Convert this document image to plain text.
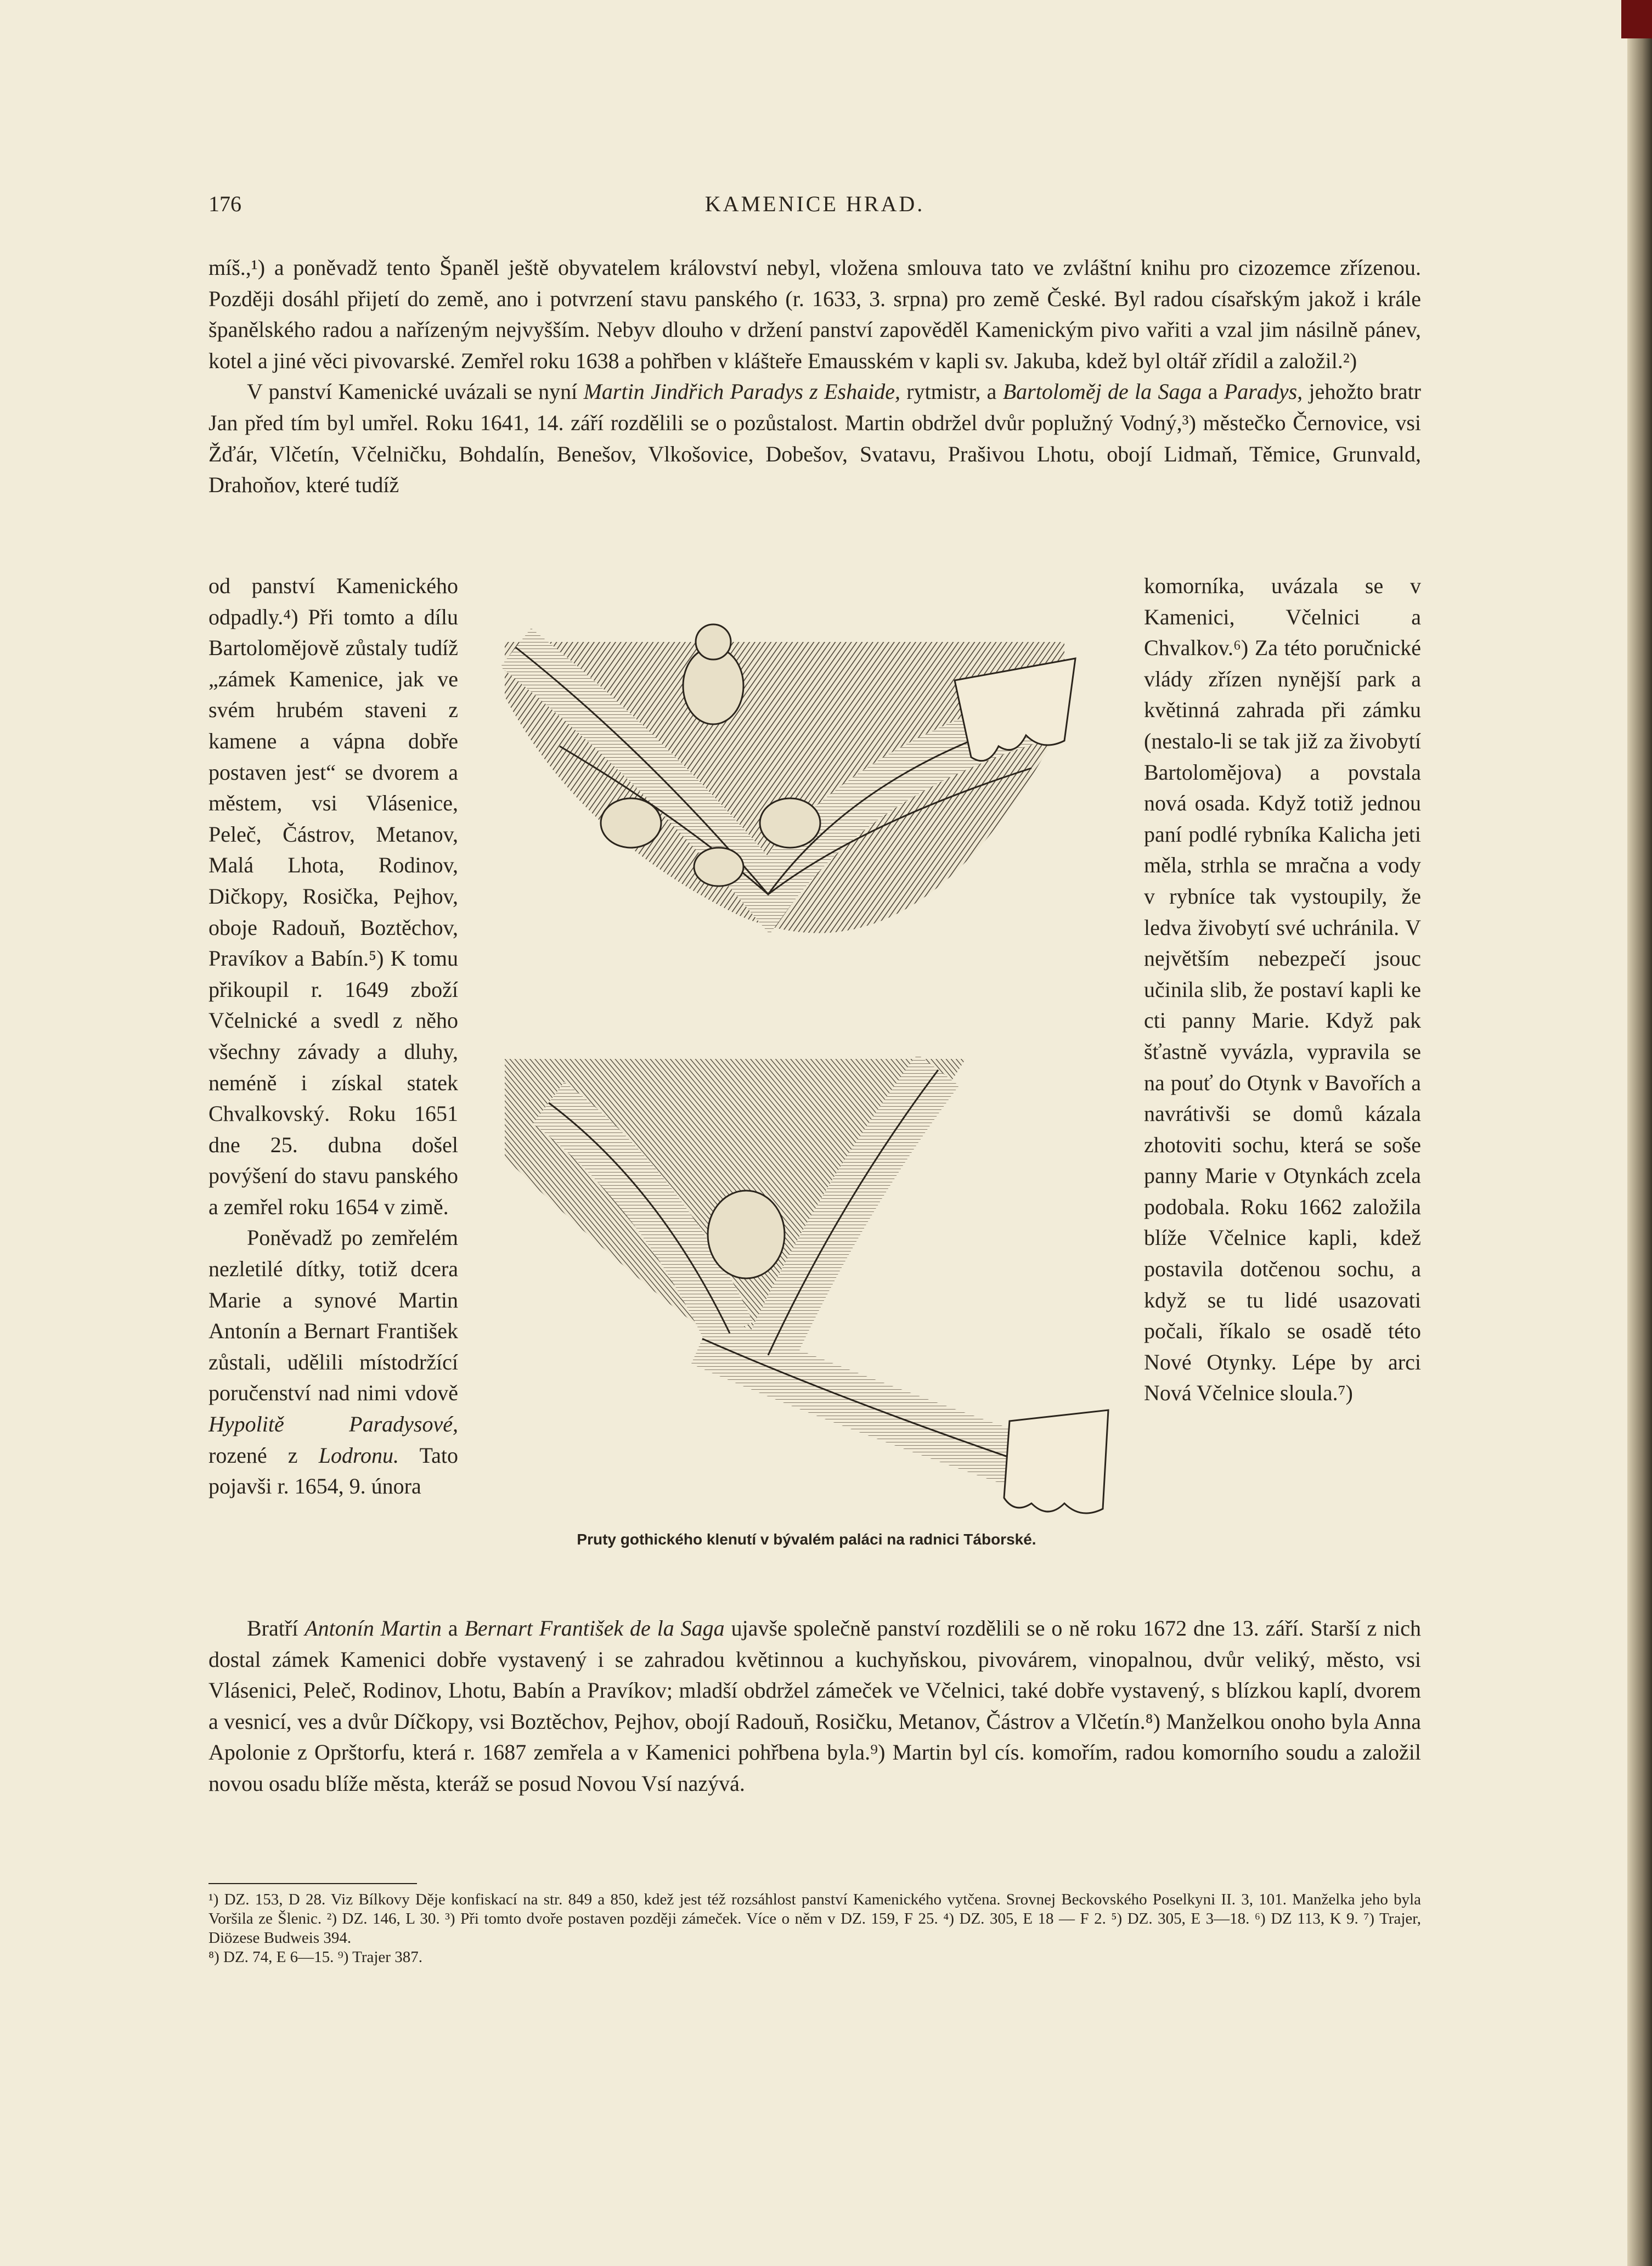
176	KAMENICE HRAD.

míš.,¹) a poněvadž tento Španěl ještě obyvatelem království nebyl, vložena smlouva tato ve zvláštní knihu pro cizozemce zřízenou. Později dosáhl přijetí do země, ano i potvrzení stavu panského (r. 1633, 3. srpna) pro země České. Byl radou císařským jakož i krále španělského radou a nařízeným nejvyšším. Nebyv dlouho v držení panství zapověděl Kamenickým pivo vařiti a vzal jim násilně pánev, kotel a jiné věci pivovarské. Zemřel roku 1638 a pohřben v klášteře Emausském v kapli sv. Jakuba, kdež byl oltář zřídil a založil.²)

V panství Kamenické uvázali se nyní Martin Jindřich Paradys z Eshaide, rytmistr, a Bartoloměj de la Saga a Paradys, jehožto bratr Jan před tím byl umřel. Roku 1641, 14. září rozdělili se o pozůstalost. Martin obdržel dvůr poplužný Vodný,³) městečko Černovice, vsi Žďár, Vlčetín, Včelničku, Bohdalín, Benešov, Vlkošovice, Dobešov, Svatavu, Prašivou Lhotu, obojí Lidmaň, Těmice, Grunvald, Drahoňov, které tudíž

od panství Kamenického odpadly.⁴) Při tomto a dílu Bartolomějově zůstaly tudíž „zámek Kamenice, jak ve svém hrubém staveni z kamene a vápna dobře postaven jest“ se dvorem a městem, vsi Vlásenice, Peleč, Částrov, Metanov, Malá Lhota, Rodinov, Dičkopy, Rosička, Pejhov, oboje Radouň, Boztěchov, Pravíkov a Babín.⁵) K tomu přikoupil r. 1649 zboží Včelnické a svedl z něho všechny závady a dluhy, neméně i získal statek Chvalkovský. Roku 1651 dne 25. dubna došel povýšení do stavu panského a zemřel roku 1654 v zimě.

Poněvadž po zemřelém nezletilé dítky, totiž dcera Marie a synové Martin Antonín a Bernart František zůstali, udělili místodržící poručenství nad nimi vdově Hypolitě Paradysové, rozené z Lodronu. Tato pojavši r. 1654, 9. února

Pruty gothického klenutí v bývalém paláci na radnici Táborské.

komorníka, uvázala se v Kamenici, Včelnici a Chvalkov.⁶) Za této poručnické vlády zřízen nynější park a květinná zahrada při zámku (nestalo-li se tak již za živobytí Bartolomějova) a povstala nová osada. Když totiž jednou paní podlé rybníka Kalicha jeti měla, strhla se mračna a vody v rybníce tak vystoupily, že ledva živobytí své uchránila. V největším nebezpečí jsouc učinila slib, že postaví kapli ke cti panny Marie. Když pak šťastně vyvázla, vypravila se na pouť do Otynk v Bavořích a navrátivši se domů kázala zhotoviti sochu, která se soše panny Marie v Otynkách zcela podobala. Roku 1662 založila blíže Včelnice kapli, kdež postavila dotčenou sochu, a když se tu lidé usazovati počali, říkalo se osadě této Nové Otynky. Lépe by arci Nová Včelnice sloula.⁷)

Bratří Antonín Martin a Bernart František de la Saga ujavše společně panství rozdělili se o ně roku 1672 dne 13. září. Starší z nich dostal zámek Kamenici dobře vystavený i se zahradou květinnou a kuchyňskou, pivovárem, vinopalnou, dvůr veliký, město, vsi Vlásenici, Peleč, Rodinov, Lhotu, Babín a Pravíkov; mladší obdržel zámeček ve Včelnici, také dobře vystavený, s blízkou kaplí, dvorem a vesnicí, ves a dvůr Díčkopy, vsi Boztěchov, Pejhov, obojí Radouň, Rosičku, Metanov, Částrov a Vlčetín.⁸) Manželkou onoho byla Anna Apolonie z Oprštorfu, která r. 1687 zemřela a v Kamenici pohřbena byla.⁹) Martin byl cís. komořím, radou komorního soudu a založil novou osadu blíže města, kteráž se posud Novou Vsí nazývá.

¹) DZ. 153, D 28. Viz Bílkovy Děje konfiskací na str. 849 a 850, kdež jest též rozsáhlost panství Kamenického vytčena. Srovnej Beckovského Poselkyni II. 3, 101. Manželka jeho byla Voršila ze Šlenic. ²) DZ. 146, L 30. ³) Při tomto dvoře postaven později zámeček. Více o něm v DZ. 159, F 25. ⁴) DZ. 305, E 18 — F 2. ⁵) DZ. 305, E 3—18. ⁶) DZ 113, K 9. ⁷) Trajer, Diözese Budweis 394.

⁸) DZ. 74, E 6—15. ⁹) Trajer 387.
